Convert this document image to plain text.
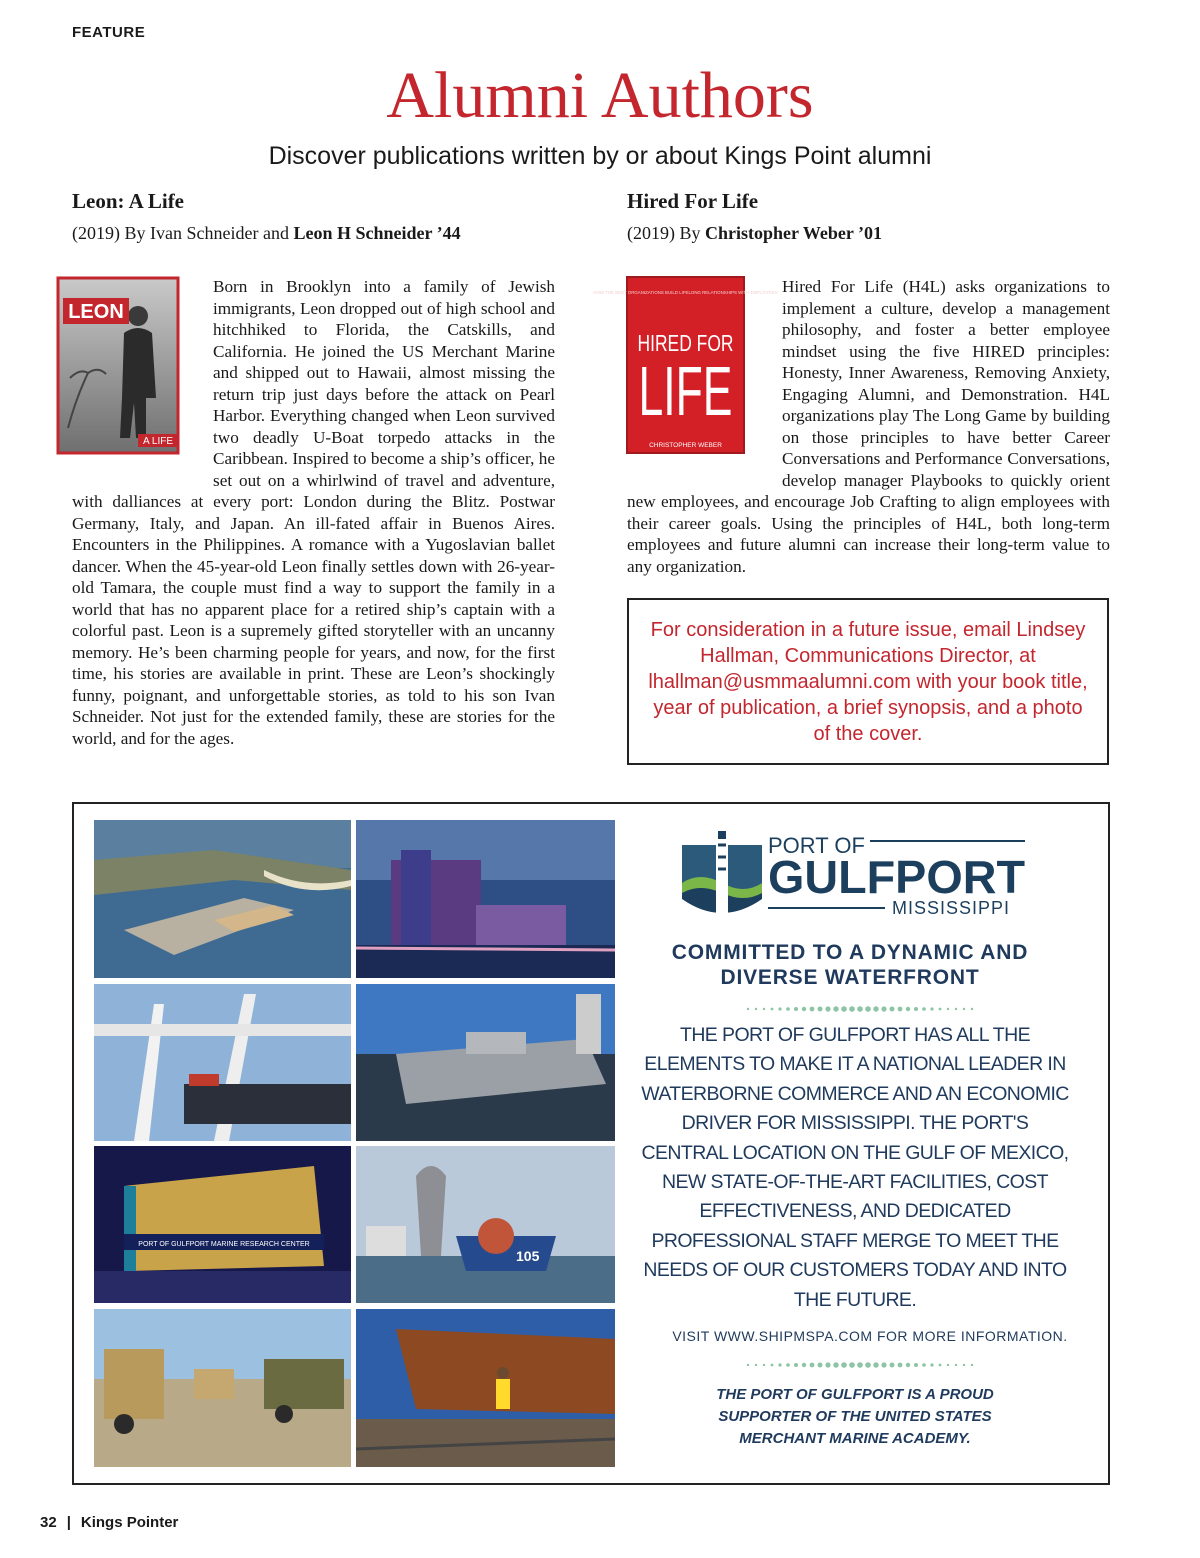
FEATURE
Alumni Authors
Discover publications written by or about Kings Point alumni
Leon: A Life
(2019) By Ivan Schneider and Leon H Schneider ’44
LEON
A LIFE
Born in Brooklyn into a family of Jewish immigrants, Leon dropped out of high school and hitchhiked to Florida, the Catskills, and California. He joined the US Merchant Marine and shipped out to Hawaii, almost missing the return trip just days before the attack on Pearl Harbor. Everything changed when Leon survived two deadly U-Boat torpedo attacks in the Caribbean. Inspired to become a ship’s officer, he set out on a whirlwind of travel and adventure, with dalliances at every port: London during the Blitz. Postwar Germany, Italy, and Japan. An ill-fated affair in Buenos Aires. Encounters in the Philippines. A romance with a Yugoslavian ballet dancer. When the 45-year-old Leon finally settles down with 26-year-old Tamara, the couple must find a way to support the family in a world that has no apparent place for a retired ship’s captain with a colorful past. Leon is a supremely gifted storyteller with an uncanny memory. He’s been charming people for years, and now, for the first time, his stories are available in print. These are Leon’s shockingly funny, poignant, and unforgettable stories, as told to his son Ivan Schneider. Not just for the extended family, these are stories for the world, and for the ages.
Hired For Life
(2019) By Christopher Weber ’01
HOW THE BEST ORGANIZATIONS BUILD LIFELONG RELATIONSHIPS WITH EMPLOYEES
HIRED FOR
LIFE
CHRISTOPHER WEBER
Hired For Life (H4L) asks organizations to implement a culture, develop a management philosophy, and foster a better employee mindset using the five HIRED principles: Honesty, Inner Awareness, Removing Anxiety, Engaging Alumni, and Demonstration. H4L organizations play The Long Game by building on those principles to have better Career Conversations and Performance Conversations, develop manager Playbooks to quickly orient new employees, and encourage Job Crafting to align employees with their career goals. Using the principles of H4L, both long-term employees and future alumni can increase their long-term value to any organization.
For consideration in a future issue, email Lindsey Hallman, Communications Director, at lhallman@usmmaalumni.com with your book title, year of publication, a brief synopsis, and a photo of the cover.
PORT OF GULFPORT MARINE RESEARCH CENTER
105
PORT OF
GULFPORT
MISSISSIPPI
COMMITTED TO A DYNAMIC AND
DIVERSE WATERFRONT
THE PORT OF GULFPORT HAS ALL THE ELEMENTS TO MAKE IT A NATIONAL LEADER IN WATERBORNE COMMERCE AND AN ECONOMIC DRIVER FOR MISSISSIPPI. THE PORT'S CENTRAL LOCATION ON THE GULF OF MEXICO, NEW STATE-OF-THE-ART FACILITIES, COST EFFECTIVENESS, AND DEDICATED PROFESSIONAL STAFF MERGE TO MEET THE NEEDS OF OUR CUSTOMERS TODAY AND INTO THE FUTURE.
VISIT WWW.SHIPMSPA.COM FOR MORE INFORMATION.
THE PORT OF GULFPORT IS A PROUD SUPPORTER OF THE UNITED STATES MERCHANT MARINE ACADEMY.
32 | Kings Pointer
